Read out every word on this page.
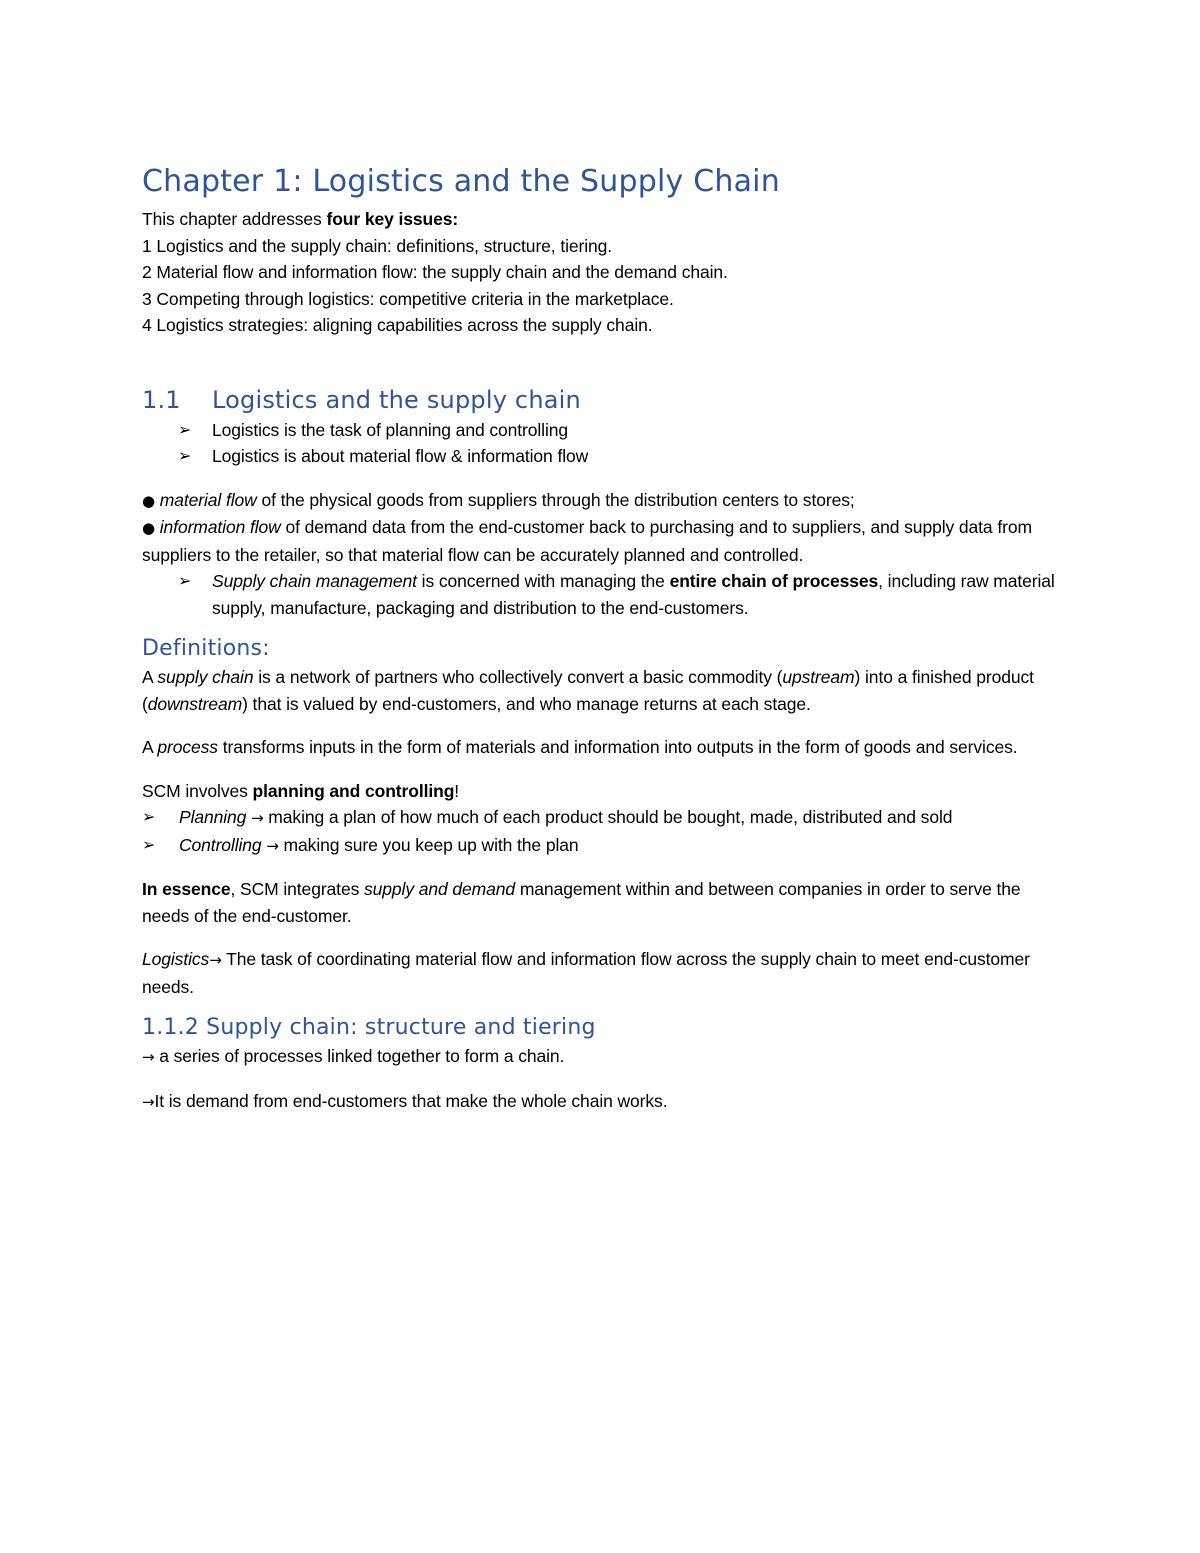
Chapter 1: Logistics and the Supply Chain

This chapter addresses four key issues:

1 Logistics and the supply chain: definitions, structure, tiering.

2 Material flow and information flow: the supply chain and the demand chain.

3 Competing through logistics: competitive criteria in the marketplace.

4 Logistics strategies: aligning capabilities across the supply chain.

1.1 Logistics and the supply chain
➢ Logistics is the task of planning and controlling
➢ Logistics is about material flow & information flow

● material flow of the physical goods from suppliers through the distribution centers to stores;

● information flow of demand data from the end-customer back to purchasing and to suppliers, and supply data from suppliers to the retailer, so that material flow can be accurately planned and controlled.

➢ Supply chain management is concerned with managing the entire chain of processes, including raw material supply, manufacture, packaging and distribution to the end-customers.
Definitions:

A supply chain is a network of partners who collectively convert a basic commodity (upstream) into a finished product (downstream) that is valued by end-customers, and who manage returns at each stage.

A process transforms inputs in the form of materials and information into outputs in the form of goods and services.

SCM involves planning and controlling!

➢ Planning → making a plan of how much of each product should be bought, made, distributed and sold
➢ Controlling → making sure you keep up with the plan

In essence, SCM integrates supply and demand management within and between companies in order to serve the needs of the end-customer.

Logistics→ The task of coordinating material flow and information flow across the supply chain to meet end-customer needs.

1.1.2 Supply chain: structure and tiering

→ a series of processes linked together to form a chain.

→It is demand from end-customers that make the whole chain works.
